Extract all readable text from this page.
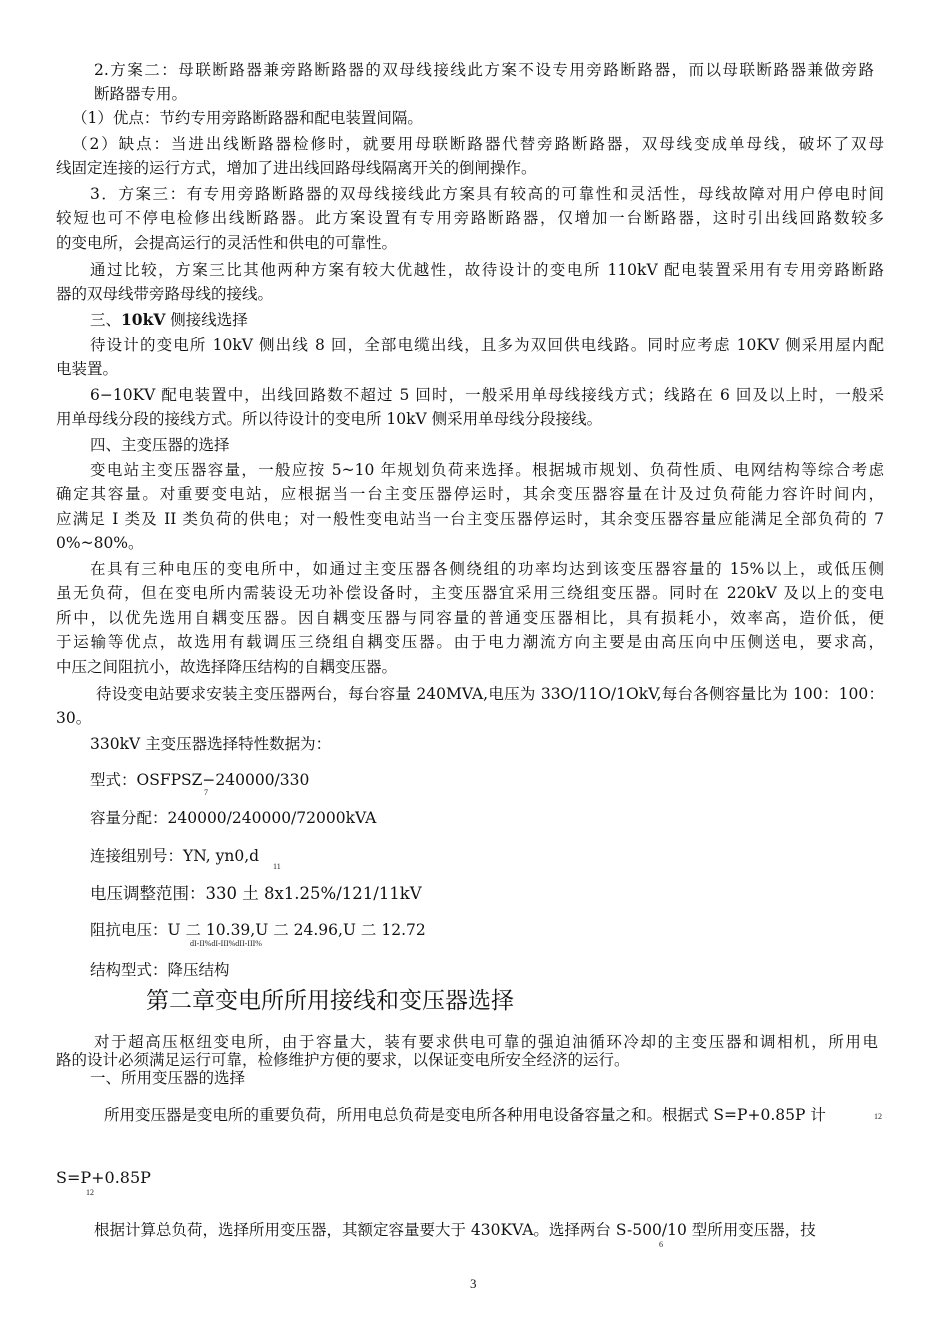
2.方案二：母联断路器兼旁路断路器的双母线接线此方案不设专用旁路断路器，而以母联断路器兼做旁路
断路器专用。
（1）优点：节约专用旁路断路器和配电装置间隔。
（2）缺点：当进出线断路器检修时，就要用母联断路器代替旁路断路器，双母线变成单母线，破坏了双母
线固定连接的运行方式，增加了进出线回路母线隔离开关的倒闸操作。
3．方案三：有专用旁路断路器的双母线接线此方案具有较高的可靠性和灵活性，母线故障对用户停电时间
较短也可不停电检修出线断路器。此方案设置有专用旁路断路器，仅增加一台断路器，这时引出线回路数较多
的变电所，会提高运行的灵活性和供电的可靠性。
通过比较，方案三比其他两种方案有较大优越性，故待设计的变电所 110kV 配电装置采用有专用旁路断路
器的双母线带旁路母线的接线。
三、10kV 侧接线选择
待设计的变电所 10kV 侧出线 8 回，全部电缆出线，且多为双回供电线路。同时应考虑 10KV 侧采用屋内配
电装置。
6−10KV 配电装置中，出线回路数不超过 5 回时，一般采用单母线接线方式；线路在 6 回及以上时，一般采
用单母线分段的接线方式。所以待设计的变电所 10kV 侧采用单母线分段接线。
四、主变压器的选择
变电站主变压器容量，一般应按 5~10 年规划负荷来选择。根据城市规划、负荷性质、电网结构等综合考虑
确定其容量。对重要变电站，应根据当一台主变压器停运时，其余变压器容量在计及过负荷能力容许时间内，
应满足 I 类及 II 类负荷的供电；对一般性变电站当一台主变压器停运时，其余变压器容量应能满足全部负荷的 7
0%~80%。
在具有三种电压的变电所中，如通过主变压器各侧绕组的功率均达到该变压器容量的 15%以上，或低压侧
虽无负荷，但在变电所内需装设无功补偿设备时，主变压器宜采用三绕组变压器。同时在 220kV 及以上的变电
所中，以优先选用自耦变压器。因自耦变压器与同容量的普通变压器相比，具有损耗小，效率高，造价低，便
于运输等优点，故选用有载调压三绕组自耦变压器。由于电力潮流方向主要是由高压向中压侧送电，要求高，
中压之间阻抗小，故选择降压结构的自耦变压器。
待设变电站要求安装主变压器两台，每台容量 240MVA,电压为 33O/11O/1OkV,每台各侧容量比为 100：100：
30。
330kV 主变压器选择特性数据为：
型式：OSFPSZ−240000/330
7
容量分配：240000/240000/72000kVA
连接组别号：YN, yn0,d
11
电压调整范围：330 土 8x1.25%/121/11kV
阻抗电压：U 二 10.39,U 二 24.96,U 二 12.72
dI-II%dI-III%dII-III%
结构型式：降压结构
第二章变电所所用接线和变压器选择
对于超高压枢纽变电所，由于容量大，装有要求供电可靠的强迫油循环冷却的主变压器和调相机，所用电
路的设计必须满足运行可靠，检修维护方便的要求，以保证变电所安全经济的运行。
一、所用变压器的选择
所用变压器是变电所的重要负荷，所用电总负荷是变电所各种用电设备容量之和。根据式 S=P+0.85P 计	12
S=P+0.85P
12
根据计算总负荷，选择所用变压器，其额定容量要大于 430KVA。选择两台 S-500/10 型所用变压器，技
6
3
